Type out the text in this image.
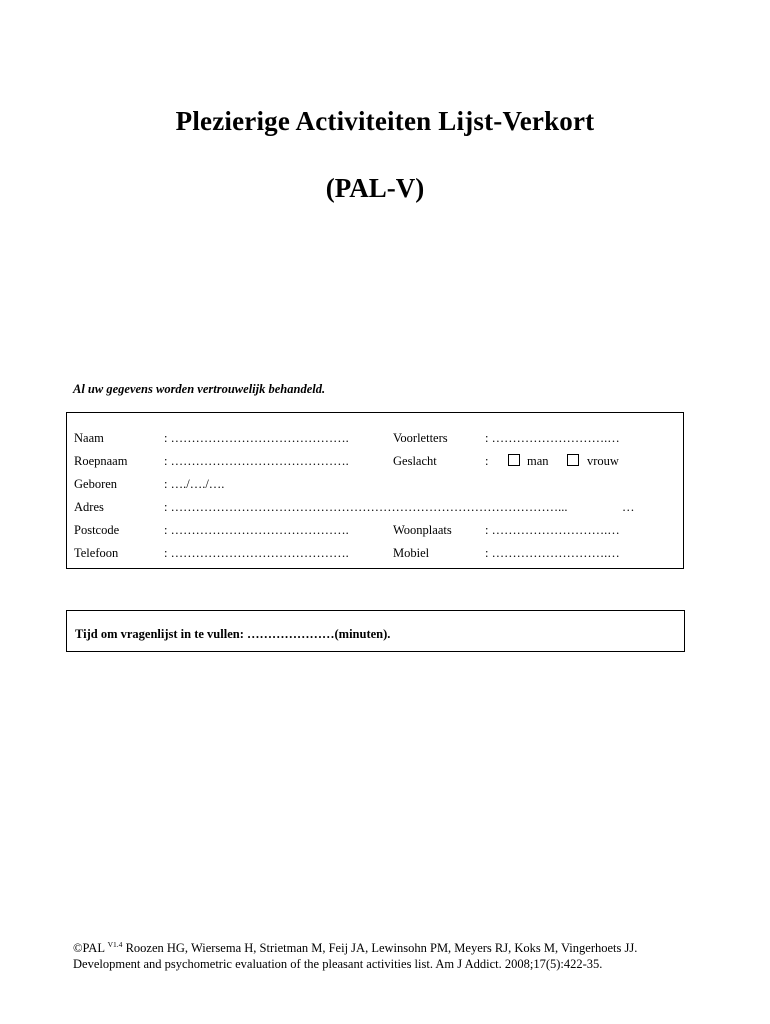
Plezierige Activiteiten Lijst-Verkort
(PAL-V)
Al uw gegevens worden vertrouwelijk behandeld.
Naam	: …………………………………….	Voorletters	: ……………………….…
Roepnaam	: …………………………………….	Geslacht	:	man	vrouw
Geboren	: …./…./….
Adres	: …………………………………………………………………………………...	…
Postcode	: …………………………………….	Woonplaats	: ……………………….…
Telefoon	: …………………………………….	Mobiel	: ……………………….…
Tijd om vragenlijst in te vullen: …………………(minuten).
©PAL $^{V1.4}$ Roozen HG, Wiersema H, Strietman M, Feij JA, Lewinsohn PM, Meyers RJ, Koks M, Vingerhoets JJ.
Development and psychometric evaluation of the pleasant activities list. Am J Addict. 2008;17(5):422-35.
